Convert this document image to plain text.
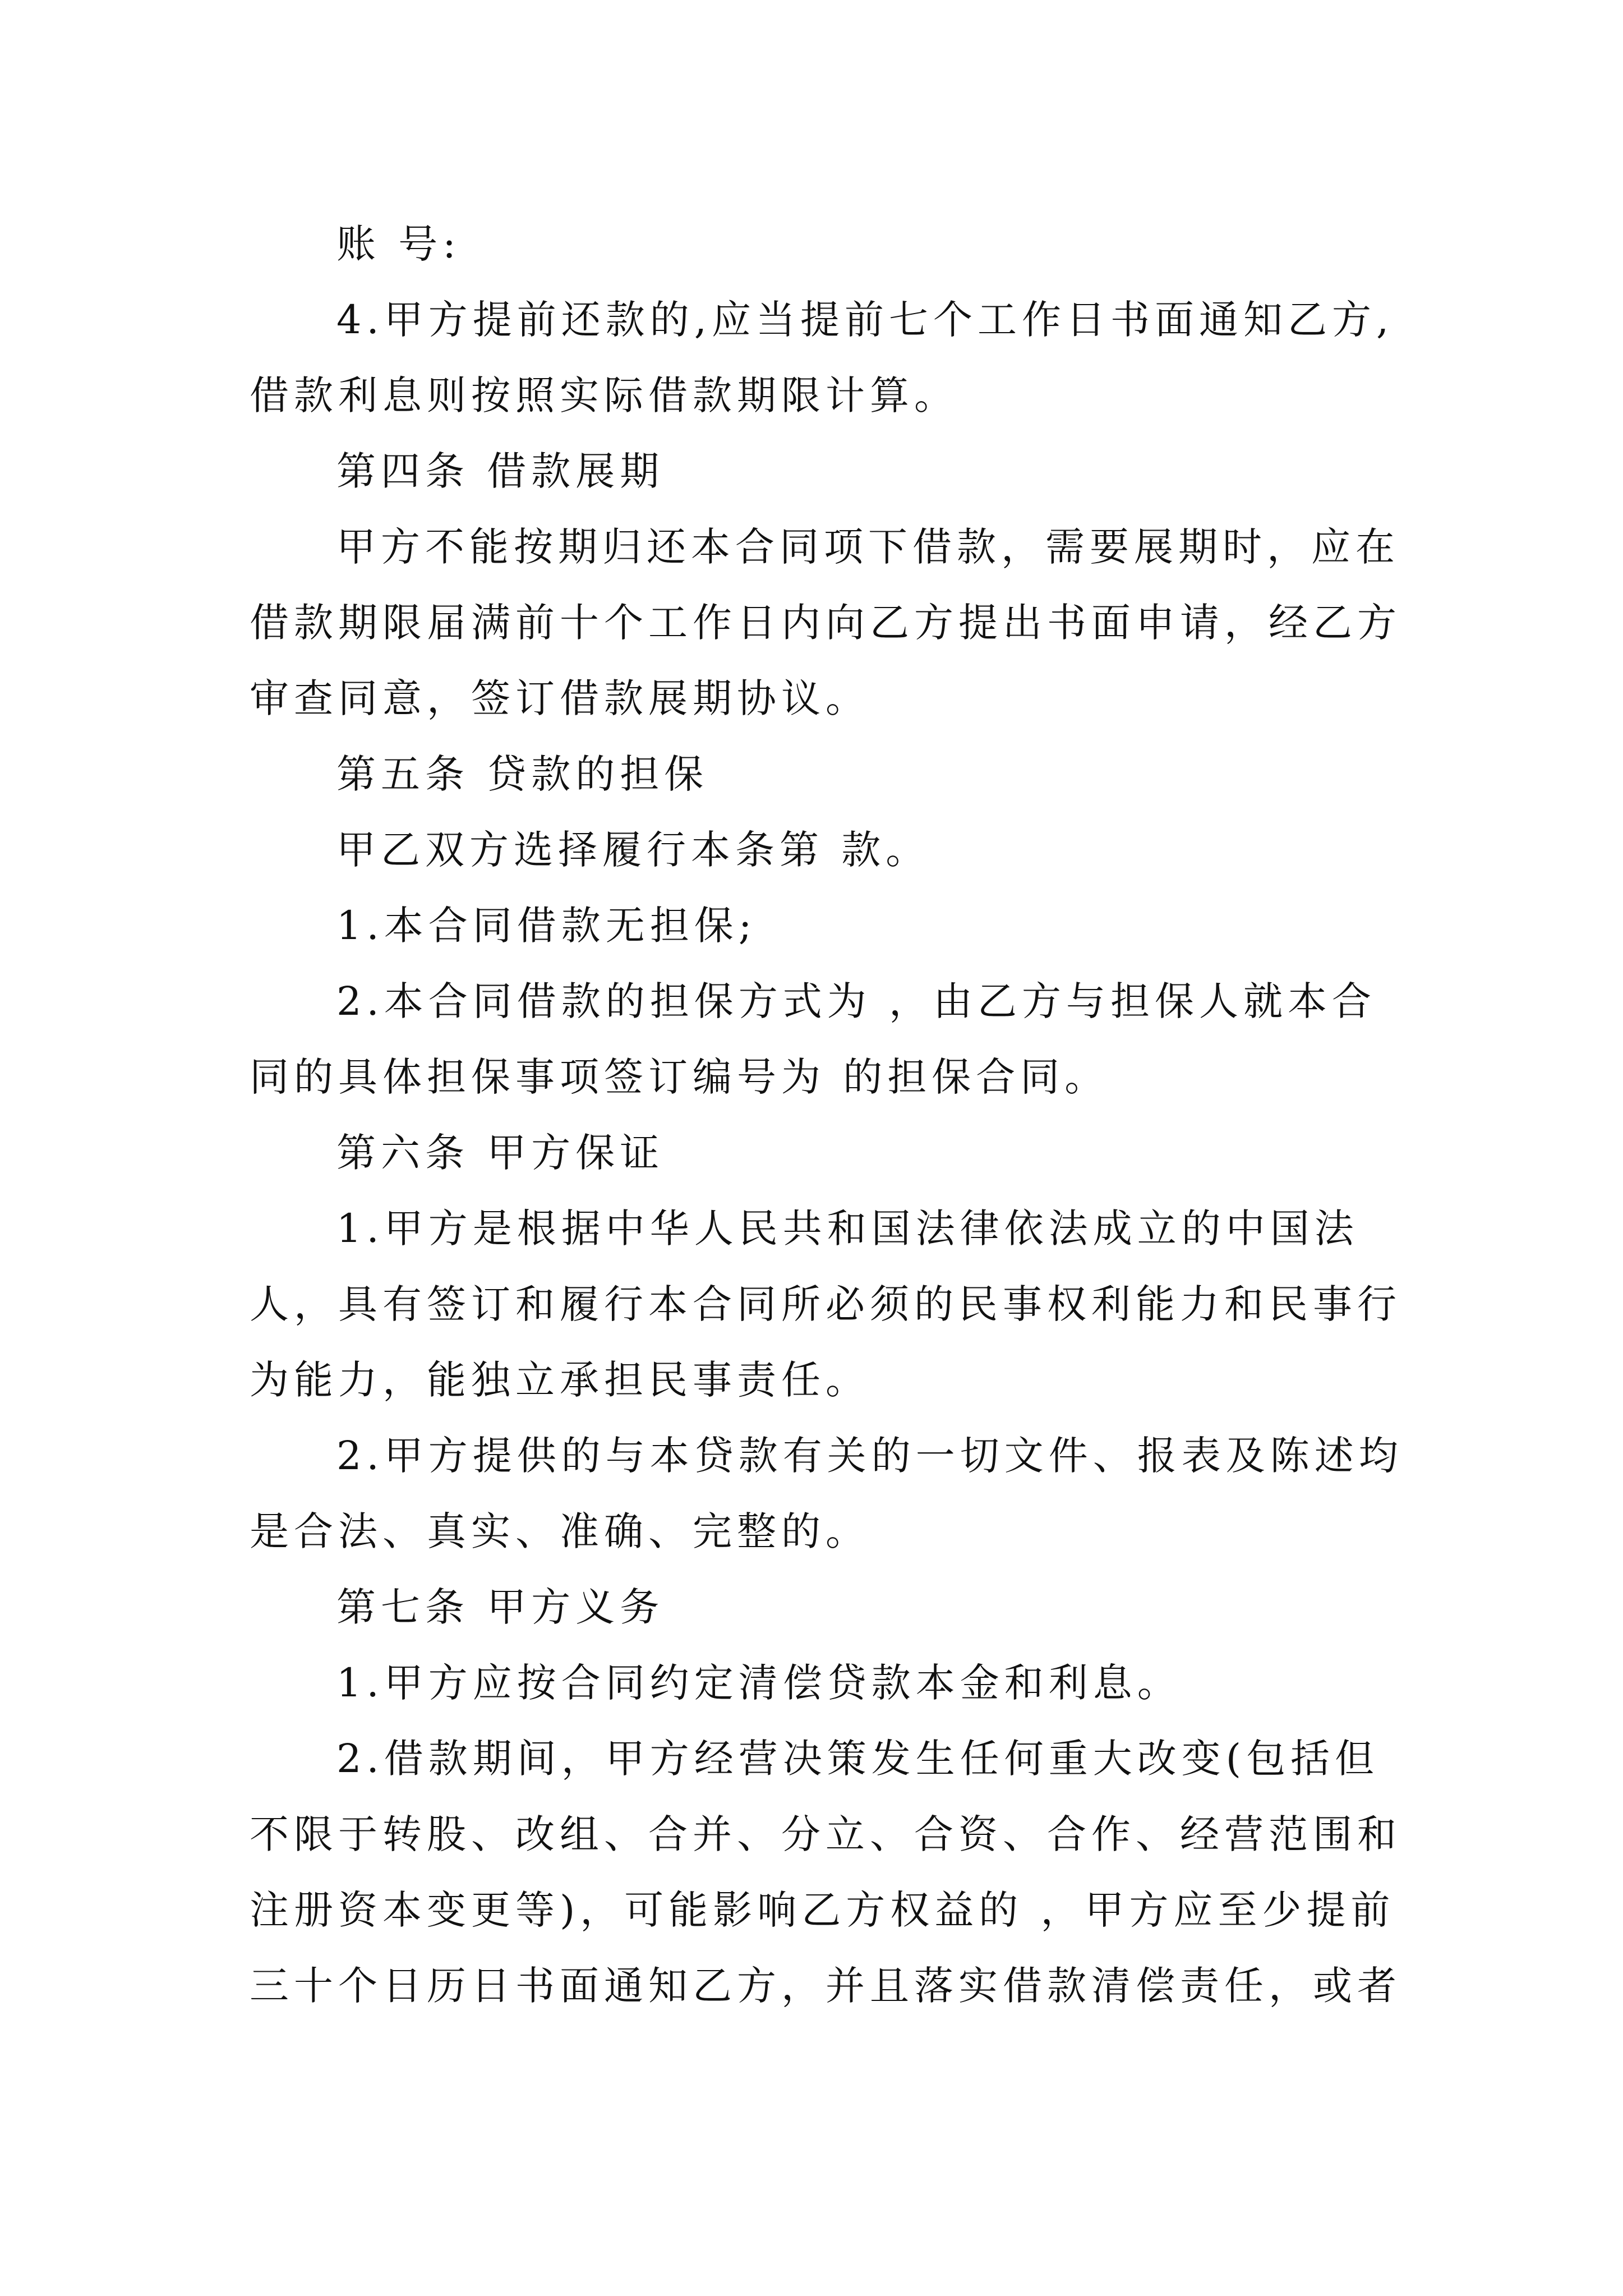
账 号:
4.甲方提前还款的,应当提前七个工作日书面通知乙方,
借款利息则按照实际借款期限计算。
第四条 借款展期
甲方不能按期归还本合同项下借款，需要展期时，应在
借款期限届满前十个工作日内向乙方提出书面申请，经乙方
审查同意，签订借款展期协议。
第五条 贷款的担保
甲乙双方选择履行本条第 款。
1.本合同借款无担保;
2.本合同借款的担保方式为 ，由乙方与担保人就本合
同的具体担保事项签订编号为 的担保合同。
第六条 甲方保证
1.甲方是根据中华人民共和国法律依法成立的中国法
人，具有签订和履行本合同所必须的民事权利能力和民事行
为能力，能独立承担民事责任。
2.甲方提供的与本贷款有关的一切文件、报表及陈述均
是合法、真实、准确、完整的。
第七条 甲方义务
1.甲方应按合同约定清偿贷款本金和利息。
2.借款期间，甲方经营决策发生任何重大改变(包括但
不限于转股、改组、合并、分立、合资、合作、经营范围和
注册资本变更等)，可能影响乙方权益的 ，甲方应至少提前
三十个日历日书面通知乙方，并且落实借款清偿责任，或者
